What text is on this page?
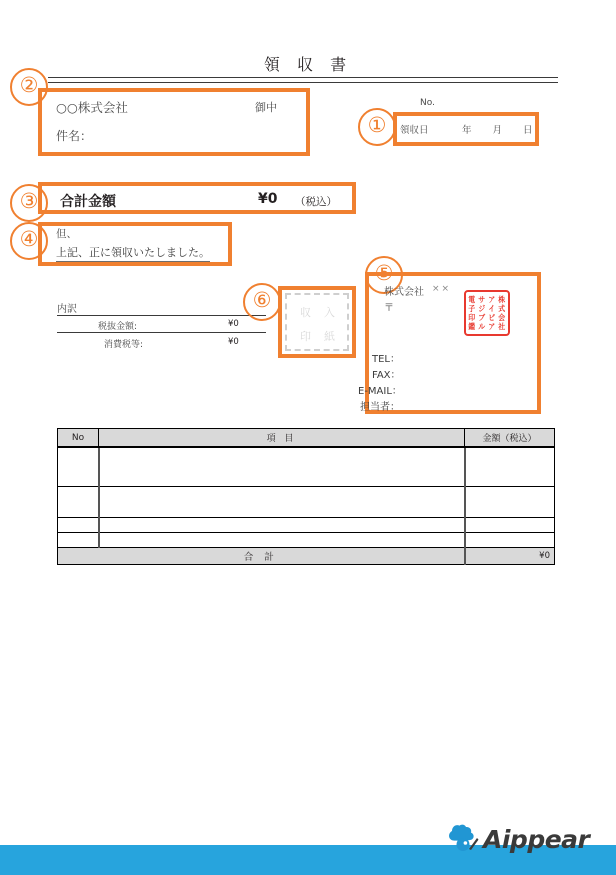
領 収 書
②
○○株式会社	御中
件名：	①
No.
領収日	年 月 日
③	合計金額	¥0 （税込）
④	但、
上記、正に領収いたしました。
内訳
税抜金額:	¥0
消費税等:	¥0
⑥
収 入
印 紙
⑤
株式会社 ××
〒
TEL：
FAX：
E-MAIL：
担当者：
株
式
会
社
ア
イ
ビ
ア
サ
ジ
ブ
ル
電
子
印
鑑
No	項 目	金額（税込）

合 計		¥0
Aippear
